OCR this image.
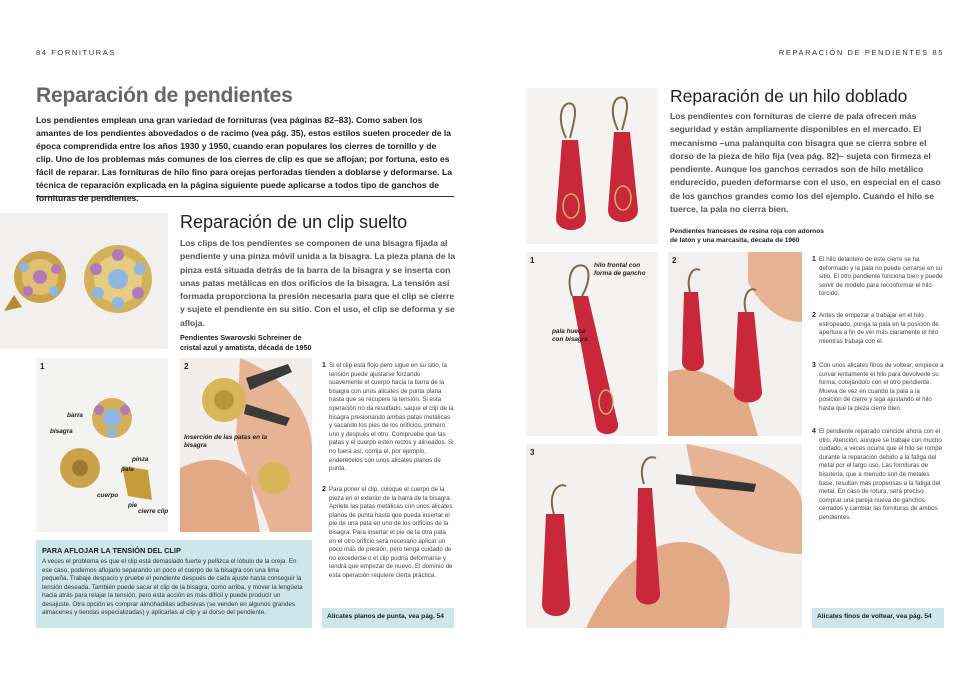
84 FORNITURAS	REPARACIÓN DE PENDIENTES 85
Reparación de pendientes
Los pendientes emplean una gran variedad de fornituras (vea páginas 82–83). Como saben los amantes de los pendientes abovedados o de racimo (vea pág. 35), estos estilos suelen proceder de la época comprendida entre los años 1930 y 1950, cuando eran populares los cierres de tornillo y de clip. Uno de los problemas más comunes de los cierres de clip es que se aflojan; por fortuna, esto es fácil de reparar. Las fornituras de hilo fino para orejas perforadas tienden a doblarse y deformarse. La técnica de reparación explicada en la página siguiente puede aplicarse a todos tipo de ganchos de fornituras de pendientes.
Reparación de un clip suelto
Los clips de los pendientes se componen de una bisagra fijada al pendiente y una pinza móvil unida a la bisagra. La pieza plana de la pinza está situada detrás de la barra de la bisagra y se inserta con unas patas metálicas en dos orificios de la bisagra. La tensión así formada proporciona la presión necesaria para que el clip se cierre y sujete el pendiente en su sitio. Con el uso, el clip se deforma y se afloja.
Pendientes Swarovski Schreiner de cristal azul y amatista, década de 1950
1
barra
bisagra
pinza
pala
cuerpo
pie
cierre clip
2
Inserción de las patas en la bisagra
1 Si el clip está flojo pero sigue en su sitio, la tensión puede ajustarse forzando suavemente el cuerpo hacia la barra de la bisagra con unos alicates de punta plana hasta que se recupere la tensión. Si esta operación no da resultado, saque el clip de la bisagra presionando ambas patas metálicas y sacando los pies de los orificios, primero uno y después el otro. Compruebe que las patas y el cuerpo estén rectos y alineados. Si no fuera así, corrija el, por ejemplo, enderécelos con unos alicates planos de punta.
2 Para poner el clip, coloque el cuerpo de la pieza en el exterior de la barra de la bisagra. Apriete las patas metálicas con unos alicates planos de punta hasta que pueda insertar el pie de una pata en uno de los orificios de la bisagra. Para insertar el pie de la otra pata en el otro orificio será necesario aplicar un poco más de presión, pero tenga cuidado de no excederse o el clip podría deformarse y tendrá que empezar de nuevo. El dominio de esta operación requiere cierta práctica.
PARA AFLOJAR LA TENSIÓN DEL CLIP
A veces el problema es que el clip está demasiado fuerte y pellizca el lóbulo de la oreja. En ese caso, podemos aflojarlo separando un poco el cuerpo de la bisagra con una lima pequeña. Trabaje despacio y pruebe el pendiente después de cada ajuste hasta conseguir la tensión deseada. También puede sacar el clip de la bisagra, como arriba, y mover la lengüeta hacia atrás para relajar la tensión, pero esta acción es más difícil y puede producir un desajuste. Otra opción es comprar almohadillas adhesivas (se venden en algunos grandes almacenes y tiendas especializadas) y aplicarlas al clip y al dorso del pendiente.
Alicates planos de punta, vea pág. 54
Reparación de un hilo doblado
Los pendientes con fornituras de cierre de pala ofrecen más seguridad y están ampliamente disponibles en el mercado. El mecanismo –una palanquita con bisagra que se cierra sobre el dorso de la pieza de hilo fija (vea pág. 82)– sujeta con firmeza el pendiente. Aunque los ganchos cerrados son de hilo metálico endurecido, pueden deformarse con el uso, en especial en el caso de los ganchos grandes como los del ejemplo. Cuando el hilo se tuerce, la pala no cierra bien.
Pendientes franceses de resina roja con adornos de latón y una marcasita, década de 1960
1
hilo frontal con forma de gancho
pala hueca con bisagra
2
3
1 El hilo delantero de este cierre se ha deformado y la pala no puede cerrarse en su sitio. El otro pendiente funciona bien y puede servir de modelo para reconformar el hilo torcido.
2 Antes de empezar a trabajar en el hilo estropeado, ponga la pala en la posición de apertura a fin de ver más claramente el hilo mientras trabaja con él.
3 Con unos alicates finos de voltear, empiece a curvar lentamente el hilo para devolverle su forma, cotejándolo con el otro pendiente. Mueva de vez en cuando la pala a la posición de cierre y siga ajustando el hilo hasta que la pieza cierre bien.
4 El pendiente reparado coincide ahora con el otro. Atención: aunque se trabaje con mucho cuidado, a veces ocurre que el hilo se rompe durante la reparación debido a la fatiga del metal por el largo uso. Las fornituras de bisutería, que a menudo son de metales base, resultan más propensas a la fatiga del metal. En caso de rotura, será preciso comprar una pareja nueva de ganchos cerrados y cambiar las fornituras de ambos pendientes.
Alicates finos de voltear, vea pág. 54
